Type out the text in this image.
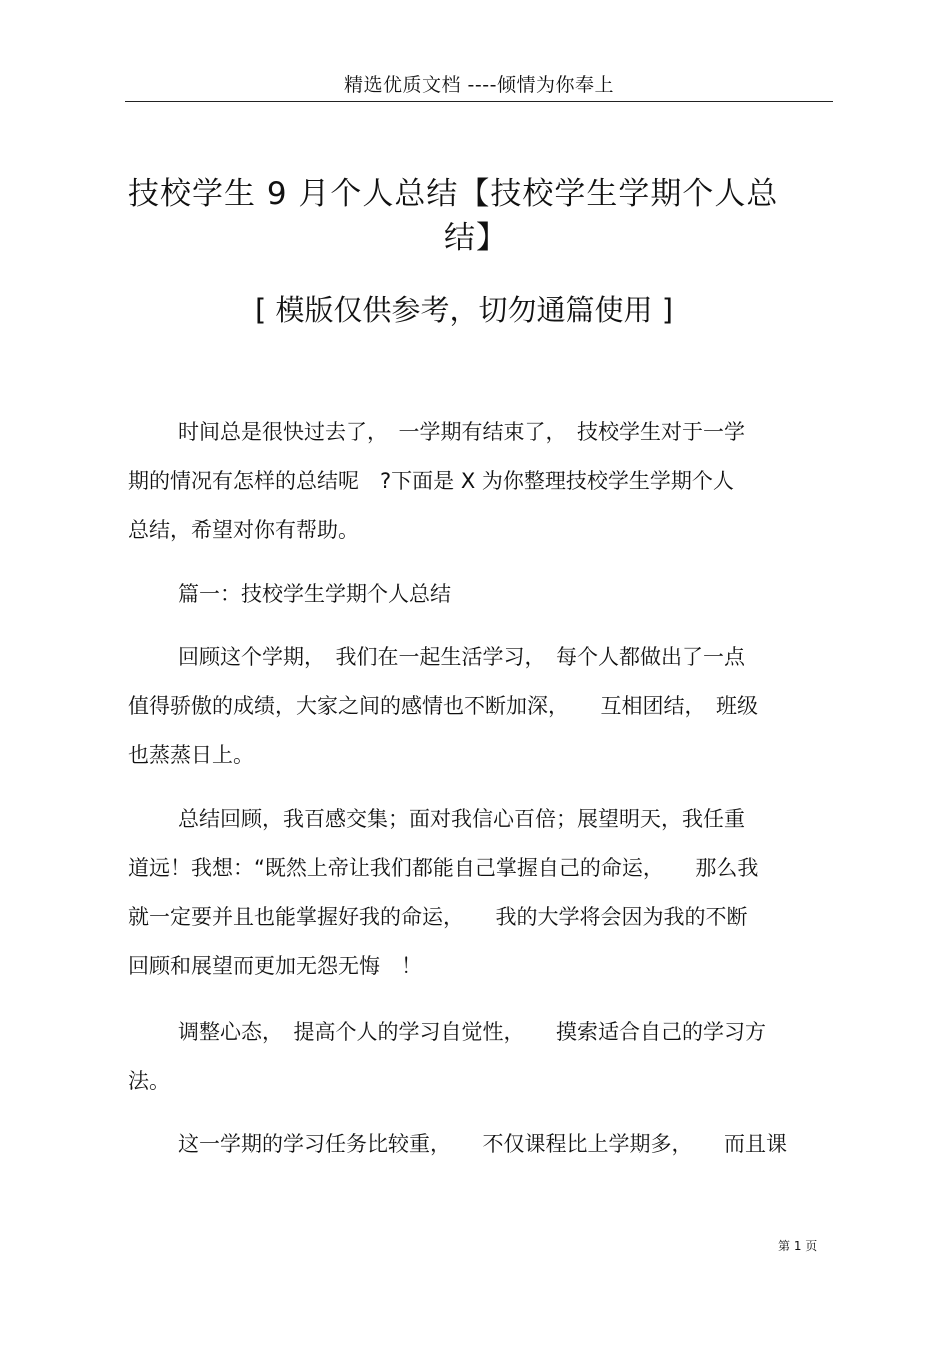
精选优质文档 ----倾情为你奉上
技校学生 9 月个人总结【技校学生学期个人总
结】
[ 模版仅供参考，切勿通篇使用 ]
时间总是很快过去了，　一学期有结束了，　技校学生对于一学
期的情况有怎样的总结呢　?下面是 X 为你整理技校学生学期个人
总结，希望对你有帮助。
篇一：技校学生学期个人总结
回顾这个学期，　我们在一起生活学习，　每个人都做出了一点
值得骄傲的成绩，大家之间的感情也不断加深，　　互相团结，　班级
也蒸蒸日上。
总结回顾，我百感交集；面对我信心百倍；展望明天，我任重
道远！我想：“既然上帝让我们都能自己掌握自己的命运，　　那么我
就一定要并且也能掌握好我的命运，　　我的大学将会因为我的不断
回顾和展望而更加无怨无悔　！
调整心态，　提高个人的学习自觉性，　　摸索适合自己的学习方
法。
这一学期的学习任务比较重，　　不仅课程比上学期多，　　而且课
第 1 页
